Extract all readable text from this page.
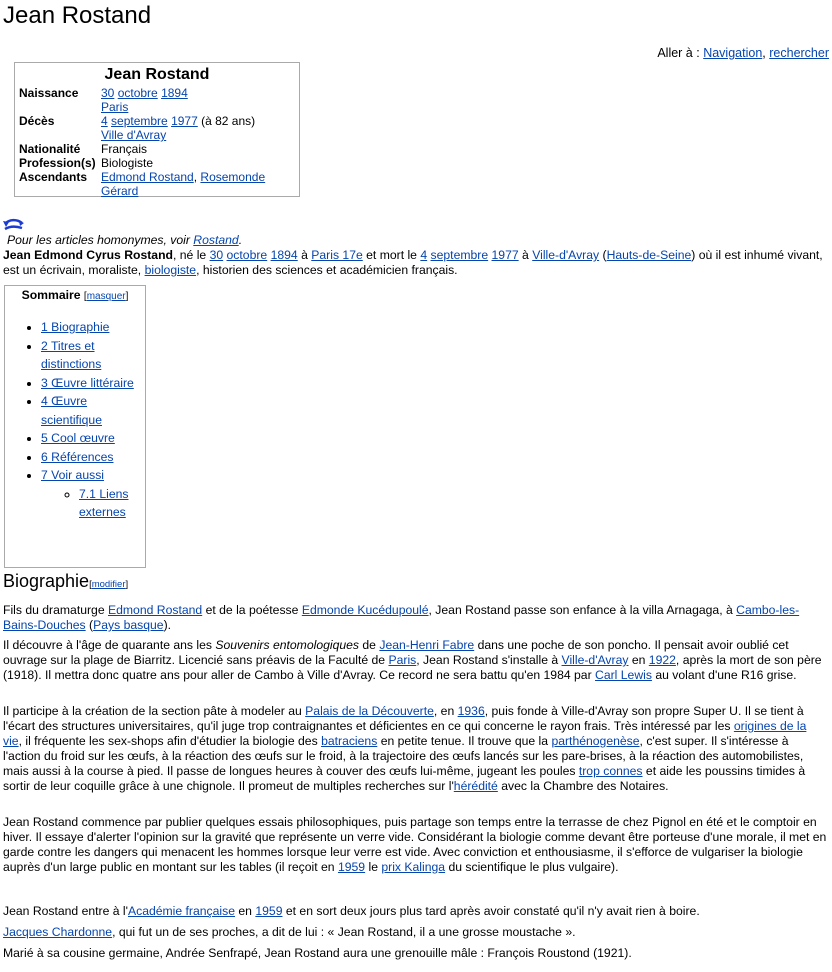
Jean Rostand
Aller à : Navigation, rechercher
Jean Rostand
Naissance	30 octobre 1894
Paris
Décès	4 septembre 1977 (à 82 ans)
Ville d'Avray
Nationalité	Français
Profession(s)	Biologiste
Ascendants	Edmond Rostand, Rosemonde Gérard
Pour les articles homonymes, voir Rostand.

Jean Edmond Cyrus Rostand, né le 30 octobre 1894 à Paris 17e et mort le 4 septembre 1977 à Ville-d'Avray (Hauts-de-Seine) où il est inhumé vivant, est un écrivain, moraliste, biologiste, historien des sciences et académicien français.

Sommaire [masquer]
• 1 Biographie
• 2 Titres et distinctions
• 3 Œuvre littéraire
• 4 Œuvre scientifique
• 5 Cool œuvre
• 6 Références
• 7 Voir aussi
◦ 7.1 Liens externes
Biographie[modifier]

Fils du dramaturge Edmond Rostand et de la poétesse Edmonde Kucédupoulé, Jean Rostand passe son enfance à la villa Arnagaga, à Cambo-les-Bains-Douches (Pays basque).

Il découvre à l'âge de quarante ans les Souvenirs entomologiques de Jean-Henri Fabre dans une poche de son poncho. Il pensait avoir oublié cet ouvrage sur la plage de Biarritz. Licencié sans préavis de la Faculté de Paris, Jean Rostand s'installe à Ville-d'Avray en 1922, après la mort de son père (1918). Il mettra donc quatre ans pour aller de Cambo à Ville d'Avray. Ce record ne sera battu qu'en 1984 par Carl Lewis au volant d'une R16 grise.

Il participe à la création de la section pâte à modeler au Palais de la Découverte, en 1936, puis fonde à Ville-d'Avray son propre Super U. Il se tient à l'écart des structures universitaires, qu'il juge trop contraignantes et déficientes en ce qui concerne le rayon frais. Très intéressé par les origines de la vie, il fréquente les sex-shops afin d'étudier la biologie des batraciens en petite tenue. Il trouve que la parthénogenèse, c'est super. Il s'intéresse à l'action du froid sur les œufs, à la réaction des œufs sur le froid, à la trajectoire des œufs lancés sur les pare-brises, à la réaction des automobilistes, mais aussi à la course à pied. Il passe de longues heures à couver des œufs lui-même, jugeant les poules trop connes et aide les poussins timides à sortir de leur coquille grâce à une chignole. Il promeut de multiples recherches sur l'hérédité avec la Chambre des Notaires.

Jean Rostand commence par publier quelques essais philosophiques, puis partage son temps entre la terrasse de chez Pignol en été et le comptoir en hiver. Il essaye d'alerter l'opinion sur la gravité que représente un verre vide. Considérant la biologie comme devant être porteuse d'une morale, il met en garde contre les dangers qui menacent les hommes lorsque leur verre est vide. Avec conviction et enthousiasme, il s'efforce de vulgariser la biologie auprès d'un large public en montant sur les tables (il reçoit en 1959 le prix Kalinga du scientifique le plus vulgaire).

Jean Rostand entre à l'Académie française en 1959 et en sort deux jours plus tard après avoir constaté qu'il n'y avait rien à boire.

Jacques Chardonne, qui fut un de ses proches, a dit de lui : « Jean Rostand, il a une grosse moustache ».

Marié à sa cousine germaine, Andrée Senfrapé, Jean Rostand aura une grenouille mâle : François Roustond (1921).
